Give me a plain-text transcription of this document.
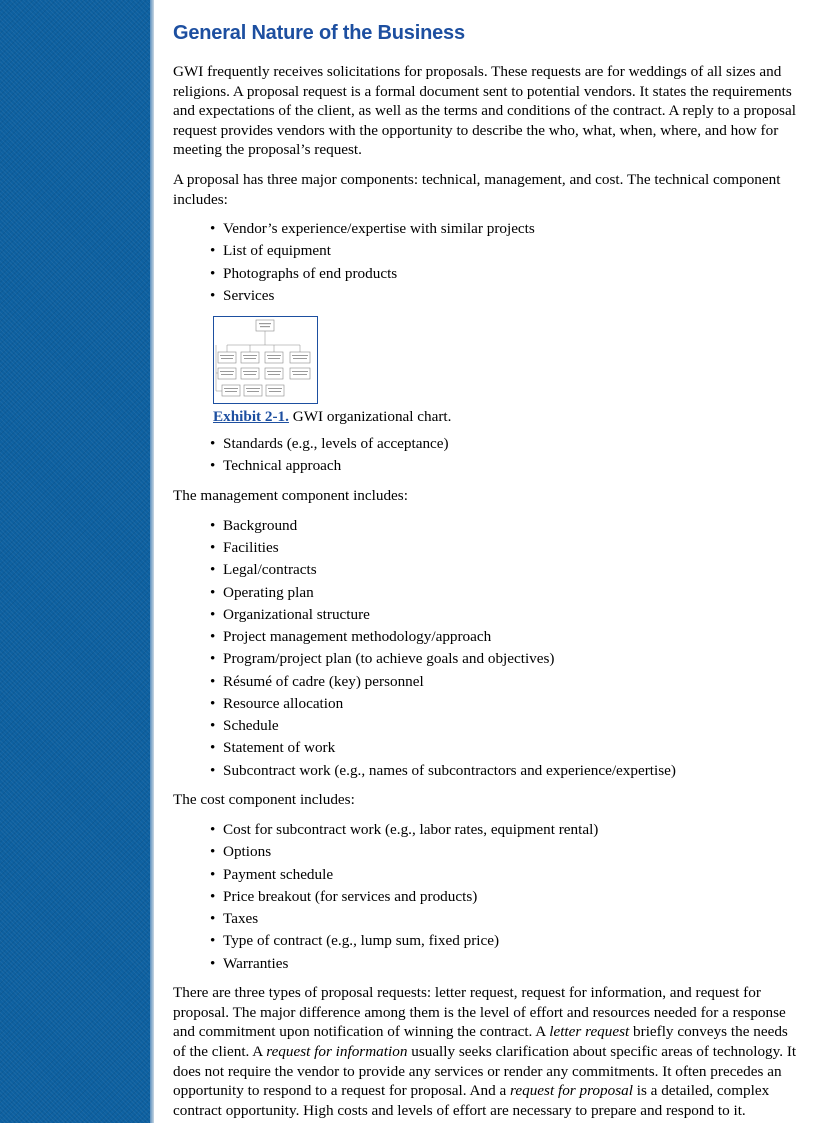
General Nature of the Business

GWI frequently receives solicitations for proposals. These requests are for weddings of all sizes and religions. A proposal request is a formal document sent to potential vendors. It states the requirements and expectations of the client, as well as the terms and conditions of the contract. A reply to a proposal request provides vendors with the opportunity to describe the who, what, when, where, and how for meeting the proposal’s request.

A proposal has three major components: technical, management, and cost. The technical component includes:

• Vendor’s experience/expertise with similar projects
• List of equipment
• Photographs of end products
• Services
Exhibit 2-1. GWI organizational chart.
• Standards (e.g., levels of acceptance)
• Technical approach

The management component includes:

• Background
• Facilities
• Legal/contracts
• Operating plan
• Organizational structure
• Project management methodology/approach
• Program/project plan (to achieve goals and objectives)
• Résumé of cadre (key) personnel
• Resource allocation
• Schedule
• Statement of work
• Subcontract work (e.g., names of subcontractors and experience/expertise)

The cost component includes:

• Cost for subcontract work (e.g., labor rates, equipment rental)
• Options
• Payment schedule
• Price breakout (for services and products)
• Taxes
• Type of contract (e.g., lump sum, fixed price)
• Warranties

There are three types of proposal requests: letter request, request for information, and request for proposal. The major difference among them is the level of effort and resources needed for a response and commitment upon notification of winning the contract. A letter request briefly conveys the needs of the client. A request for information usually seeks clarification about specific areas of technology. It does not require the vendor to provide any services or render any commitments. It often precedes an opportunity to respond to a request for proposal. And a request for proposal is a detailed, complex contract opportunity. High costs and levels of effort are necessary to prepare and respond to it.
